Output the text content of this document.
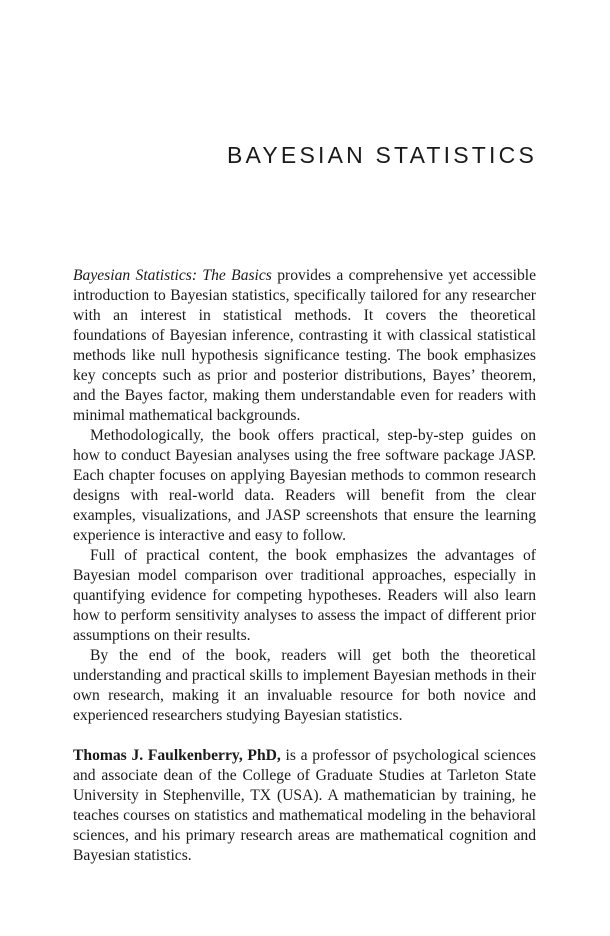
BAYESIAN STATISTICS

Bayesian Statistics: The Basics provides a comprehensive yet accessible introduction to Bayesian statistics, specifically tailored for any researcher with an interest in statistical methods. It covers the theoretical foundations of Bayesian inference, contrasting it with classical statistical methods like null hypothesis significance testing. The book emphasizes key concepts such as prior and posterior distributions, Bayes’ theorem, and the Bayes factor, making them understandable even for readers with minimal mathematical backgrounds.

Methodologically, the book offers practical, step-by-step guides on how to conduct Bayesian analyses using the free software package JASP. Each chapter focuses on applying Bayesian methods to common research designs with real-world data. Readers will benefit from the clear examples, visualizations, and JASP screenshots that ensure the learning experience is interactive and easy to follow.

Full of practical content, the book emphasizes the advantages of Bayesian model comparison over traditional approaches, especially in quantifying evidence for competing hypotheses. Readers will also learn how to perform sensitivity analyses to assess the impact of different prior assumptions on their results.

By the end of the book, readers will get both the theoretical understanding and practical skills to implement Bayesian methods in their own research, making it an invaluable resource for both novice and experienced researchers studying Bayesian statistics.

Thomas J. Faulkenberry, PhD, is a professor of psychological sciences and associate dean of the College of Graduate Studies at Tarleton State University in Stephenville, TX (USA). A mathematician by training, he teaches courses on statistics and mathematical modeling in the behavioral sciences, and his primary research areas are mathematical cognition and Bayesian statistics.
